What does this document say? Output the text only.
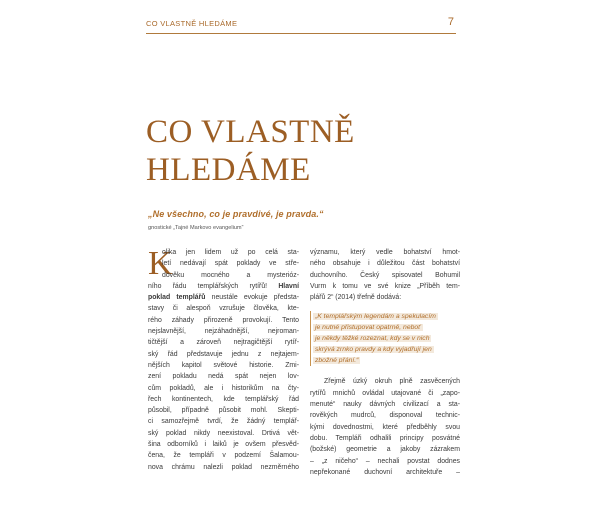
CO VLASTNĚ HLEDÁME	7
CO VLASTNĚ
HLEDÁME
„Ne všechno, co je pravdivé, je pravda.“
gnostické „Tajné Markovo evangelium“
K
olika jen lidem už po celá sta-
letí nedávají spát poklady ve stře-
dověku mocného a mysterióz-
ního řádu templářských rytířů! Hlavní
poklad templářů neustále evokuje předsta-
stavy či alespoň vzrušuje člověka, kte-
rého záhady přirozeně provokují. Tento
nejslavnější, nejzáhadnější, nejroman-
tičtější a zároveň nejtragičtější rytíř-
ský řád představuje jednu z nejtajem-
nějších kapitol světové historie. Zmi-
zení pokladu nedá spát nejen lov-
cům pokladů, ale i historikům na čty-
řech kontinentech, kde templářský řád
působil, případně působit mohl. Skepti-
ci samozřejmě tvrdí, že žádný templář-
ský poklad nikdy neexistoval. Drtivá vět-
šina odborníků i laiků je ovšem přesvěd-
čena, že templáři v podzemí Šalamou-
nova chrámu nalezli poklad nezměrného
významu, který vedle bohatství hmot-
ného obsahuje i důležitou část bohatství
duchovního. Český spisovatel Bohumil
Vurm k tomu ve své knize „Příběh tem-
plářů 2“ (2014) třefně dodává:
„K templářským legendám a spekulacím
je nutné přistupovat opatrně, neboť
je někdy těžké rozeznat, kdy se v nich
skrývá zrnko pravdy a kdy vyjadřují jen
zbožné přání.“
Zřejmě úzký okruh plně zasvěcených
rytířů mnichů ovládal utajované či „zapo-
menuté“ nauky dávných civilizací a sta-
rověkých mudrců, disponoval technic-
kými dovednostmi, které předběhly svou
dobu. Templáři odhalili principy posvátné
(božské) geometrie a jakoby zázrakem
– „z ničeho“ – nechali povstat dodnes
nepřekonané duchovní architektuře –
